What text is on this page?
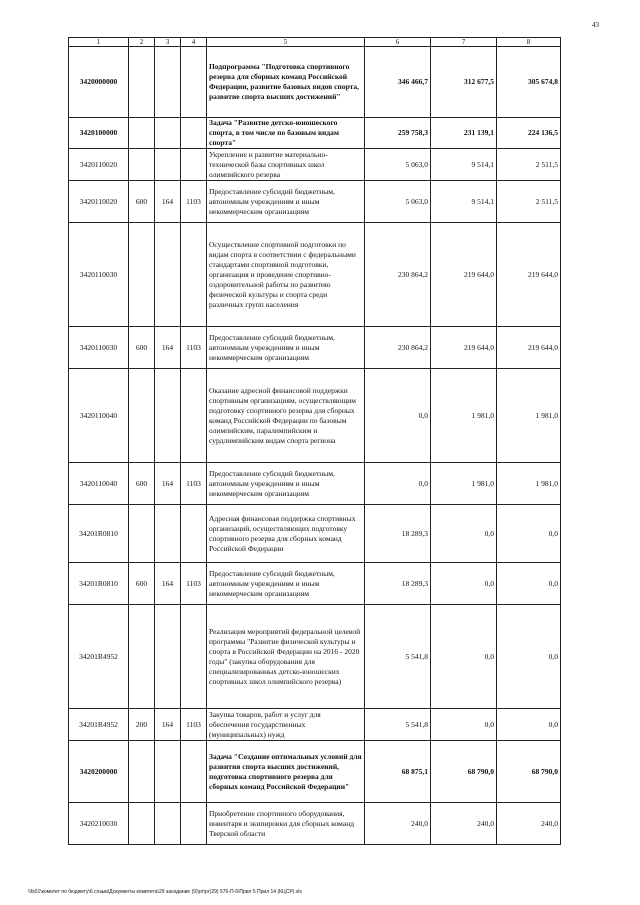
43
1	2	3	4	5	6	7	8
3420000000				Подпрограмма "Подготовка спортивного резерва для сборных команд Российской Федерации, развитие базовых видов спорта, развитие спорта высших достижений"	346 466,7	312 677,5	305 674,8
3420100000				Задача "Развитие детско-юношеского спорта, в том числе по базовым видам спорта"	259 758,3	231 139,1	224 136,5
3420110020				Укрепление и развитие материально-технической базы спортивных школ олимпийского резерва	5 063,0	9 514,1	2 511,5
3420110020	600	164	1103	Предоставление субсидий бюджетным, автономным учреждениям и иным некоммерческим организациям	5 063,0	9 514,1	2 511,5
3420110030				Осуществление спортивной подготовки по видам спорта в соответствии с федеральными стандартами спортивной подготовки, организация и проведение спортивно-оздоровительной работы по развитию физической культуры и спорта среди различных групп населения	230 864,2	219 644,0	219 644,0
3420110030	600	164	1103	Предоставление субсидий бюджетным, автономным учреждениям и иным некоммерческим организациям	230 864,2	219 644,0	219 644,0
3420110040				Оказание адресной финансовой поддержки спортивным организациям, осуществляющим подготовку спортивного резерва для сборных команд Российской Федерации по базовым олимпийским, паралимпийским и сурдлимпийским видам спорта региона	0,0	1 981,0	1 981,0
3420110040	600	164	1103	Предоставление субсидий бюджетным, автономным учреждениям и иным некоммерческим организациям	0,0	1 981,0	1 981,0
34201R0810				Адресная финансовая поддержка спортивных организаций, осуществляющих подготовку спортивного резерва для сборных команд Российской Федерации	18 289,3	0,0	0,0
34201R0810	600	164	1103	Предоставление субсидий бюджетным, автономным учреждениям и иным некоммерческим организациям	18 289,3	0,0	0,0
34201R4952				Реализация мероприятий федеральной целевой программы "Развитие физической культуры и спорта в Российской Федерации на 2016 - 2020 годы" (закупка оборудования для специализированных детско-юношеских спортивных школ олимпийского резерва)	5 541,8	0,0	0,0
34201R4952	200	164	1103	Закупка товаров, работ и услуг для обеспечения государственных (муниципальных) нужд	5 541,8	0,0	0,0
3420200000				Задача "Создание оптимальных условий для развития спорта высших достижений, подготовка спортивного резерва для сборных команд Российской Федерации"	68 875,1	68 790,0	68 790,0
3420210030				Приобретение спортивного оборудования, инвентаря и экипировки для сборных команд Тверской области	240,0	240,0	240,0
\\fs01\комитет по бюджету\6 созыв\Документы комитета\29 заседание (9)\рг\рг(29) 576-П-6\Прил 5 Прил 14 (КЦСР).xls
